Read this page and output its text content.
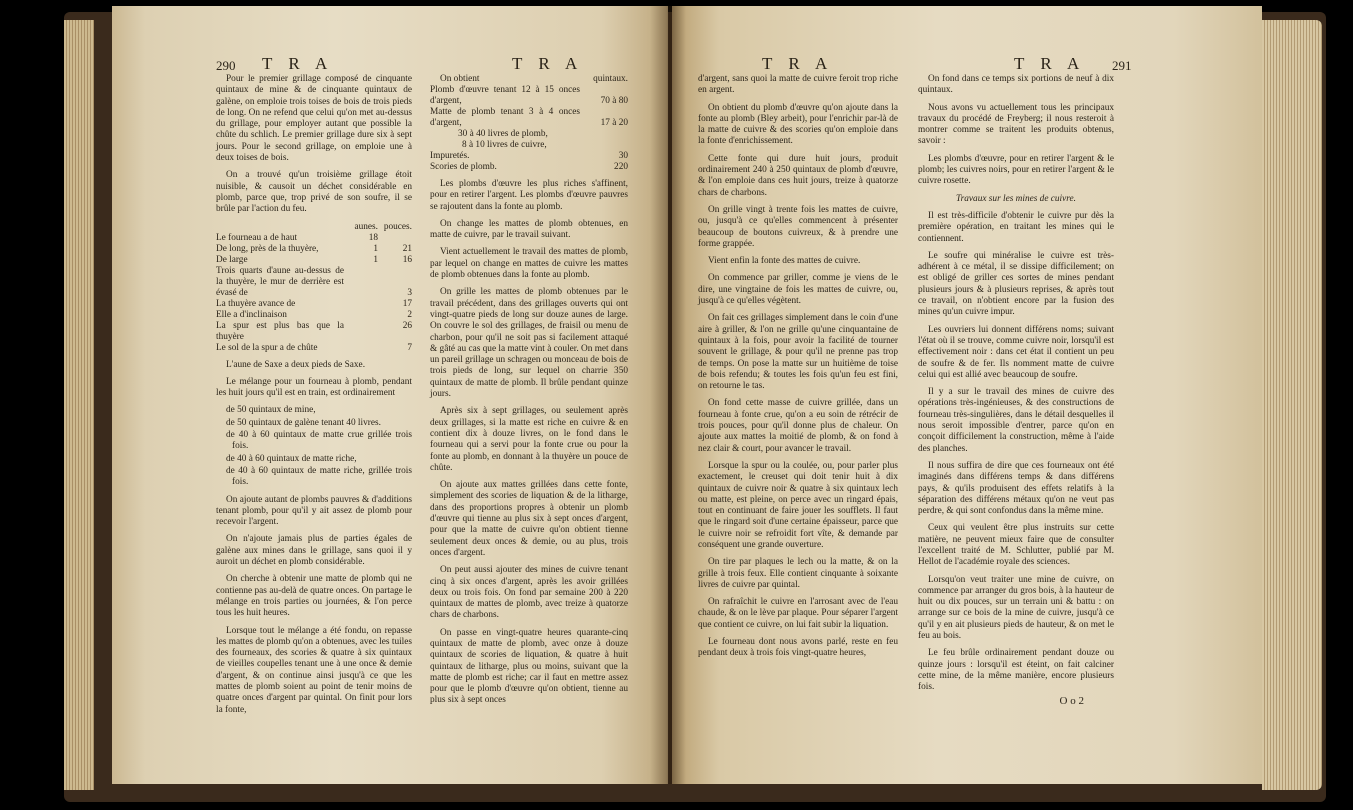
290 T R A	T R A

Pour le premier grillage composé de cinquante quintaux de mine & de cinquante quintaux de galène, on emploie trois toises de bois de trois pieds de long. On ne refend que celui qu'on met au-dessus du grillage, pour employer autant que possible la chûte du schlich. Le premier grillage dure six à sept jours. Pour le second grillage, on emploie une à deux toises de bois.

On a trouvé qu'un troisième grillage étoit nuisible, & causoit un déchet considérable en plomb, parce que, trop privé de son soufre, il se brûle par l'action du feu.

	aunes.	pouces.
Le fourneau a de haut	18	
De long, près de la thuyère,	1	21
De large	1	16
Trois quarts d'aune au-dessus de la thuyère, le mur de derrière est évasé de		3
La thuyère avance de		17
Elle a d'inclinaison		2
La spur est plus bas que la thuyère		26
Le sol de la spur a de chûte		7

L'aune de Saxe a deux pieds de Saxe.

Le mélange pour un fourneau à plomb, pendant les huit jours qu'il est en train, est ordinairement

de 50 quintaux de mine,

de 50 quintaux de galène tenant 40 livres.

de 40 à 60 quintaux de matte crue grillée trois fois.

de 40 à 60 quintaux de matte riche,

de 40 à 60 quintaux de matte riche, grillée trois fois.

On ajoute autant de plombs pauvres & d'additions tenant plomb, pour qu'il y ait assez de plomb pour recevoir l'argent.

On n'ajoute jamais plus de parties égales de galène aux mines dans le grillage, sans quoi il y auroit un déchet en plomb considérable.

On cherche à obtenir une matte de plomb qui ne contienne pas au-delà de quatre onces. On partage le mélange en trois parties ou journées, & l'on perce tous les huit heures.

Lorsque tout le mélange a été fondu, on repasse les mattes de plomb qu'on a obtenues, avec les tuiles des fourneaux, des scories & quatre à six quintaux de vieilles coupelles tenant une à une once & demie d'argent, & on continue ainsi jusqu'à ce que les mattes de plomb soient au point de tenir moins de quatre onces d'argent par quintal. On finit pour lors la fonte,

On obtient	quintaux.
Plomb d'œuvre tenant 12 à 15 onces d'argent,	70 à 80
Matte de plomb tenant 3 à 4 onces d'argent,	17 à 20
30 à 40 livres de plomb,	
8 à 10 livres de cuivre,	
Impuretés.	30
Scories de plomb.	220

Les plombs d'œuvre les plus riches s'affinent, pour en retirer l'argent. Les plombs d'œuvre pauvres se rajoutent dans la fonte au plomb.

On change les mattes de plomb obtenues, en matte de cuivre, par le travail suivant.

Vient actuellement le travail des mattes de plomb, par lequel on change en mattes de cuivre les mattes de plomb obtenues dans la fonte au plomb.

On grille les mattes de plomb obtenues par le travail précédent, dans des grillages ouverts qui ont vingt-quatre pieds de long sur douze aunes de large. On couvre le sol des grillages, de fraisil ou menu de charbon, pour qu'il ne soit pas si facilement attaqué & gâté au cas que la matte vint à couler. On met dans un pareil grillage un schragen ou monceau de bois de trois pieds de long, sur lequel on charrie 350 quintaux de matte de plomb. Il brûle pendant quinze jours.

Après six à sept grillages, ou seulement après deux grillages, si la matte est riche en cuivre & en contient dix à douze livres, on le fond dans le fourneau qui a servi pour la fonte crue ou pour la fonte au plomb, en donnant à la thuyère un pouce de chûte.

On ajoute aux mattes grillées dans cette fonte, simplement des scories de liquation & de la litharge, dans des proportions propres à obtenir un plomb d'œuvre qui tienne au plus six à sept onces d'argent, pour que la matte de cuivre qu'on obtient tienne seulement deux onces & demie, ou au plus, trois onces d'argent.

On peut aussi ajouter des mines de cuivre tenant cinq à six onces d'argent, après les avoir grillées deux ou trois fois. On fond par semaine 200 à 220 quintaux de mattes de plomb, avec treize à quatorze chars de charbons.

On passe en vingt-quatre heures quarante-cinq quintaux de matte de plomb, avec onze à douze quintaux de scories de liquation, & quatre à huit quintaux de litharge, plus ou moins, suivant que la matte de plomb est riche; car il faut en mettre assez pour que le plomb d'œuvre qu'on obtient, tienne au plus six à sept onces

T R A	T R A 291

d'argent, sans quoi la matte de cuivre feroit trop riche en argent.

On obtient du plomb d'œuvre qu'on ajoute dans la fonte au plomb (Bley arbeit), pour l'enrichir par-là de la matte de cuivre & des scories qu'on emploie dans la fonte d'enrichissement.

Cette fonte qui dure huit jours, produit ordinairement 240 à 250 quintaux de plomb d'œuvre, & l'on emploie dans ces huit jours, treize à quatorze chars de charbons.

On grille vingt à trente fois les mattes de cuivre, ou, jusqu'à ce qu'elles commencent à présenter beaucoup de boutons cuivreux, & à prendre une forme grappée.

Vient enfin la fonte des mattes de cuivre.

On commence par griller, comme je viens de le dire, une vingtaine de fois les mattes de cuivre, ou, jusqu'à ce qu'elles végètent.

On fait ces grillages simplement dans le coin d'une aire à griller, & l'on ne grille qu'une cinquantaine de quintaux à la fois, pour avoir la facilité de tourner souvent le grillage, & pour qu'il ne prenne pas trop de temps. On pose la matte sur un huitième de toise de bois refendu; & toutes les fois qu'un feu est fini, on retourne le tas.

On fond cette masse de cuivre grillée, dans un fourneau à fonte crue, qu'on a eu soin de rétrécir de trois pouces, pour qu'il donne plus de chaleur. On ajoute aux mattes la moitié de plomb, & on fond à nez clair & court, pour avancer le travail.

Lorsque la spur ou la coulée, ou, pour parler plus exactement, le creuset qui doit tenir huit à dix quintaux de cuivre noir & quatre à six quintaux lech ou matte, est pleine, on perce avec un ringard épais, tout en continuant de faire jouer les soufflets. Il faut que le ringard soit d'une certaine épaisseur, parce que le cuivre noir se refroidit fort vîte, & demande par conséquent une grande ouverture.

On tire par plaques le lech ou la matte, & on la grille à trois feux. Elle contient cinquante à soixante livres de cuivre par quintal.

On rafraîchit le cuivre en l'arrosant avec de l'eau chaude, & on le lève par plaque. Pour séparer l'argent que contient ce cuivre, on lui fait subir la liquation.

Le fourneau dont nous avons parlé, reste en feu pendant deux à trois fois vingt-quatre heures,

On fond dans ce temps six portions de neuf à dix quintaux.

Nous avons vu actuellement tous les principaux travaux du procédé de Freyberg; il nous resteroit à montrer comme se traitent les produits obtenus, savoir :

Les plombs d'œuvre, pour en retirer l'argent & le plomb; les cuivres noirs, pour en retirer l'argent & le cuivre rosette.

Travaux sur les mines de cuivre.

Il est très-difficile d'obtenir le cuivre pur dès la première opération, en traitant les mines qui le contiennent.

Le soufre qui minéralise le cuivre est très-adhérent à ce métal, il se dissipe difficilement; on est obligé de griller ces sortes de mines pendant plusieurs jours & à plusieurs reprises, & après tout ce travail, on n'obtient encore par la fusion des mines qu'un cuivre impur.

Les ouvriers lui donnent différens noms; suivant l'état où il se trouve, comme cuivre noir, lorsqu'il est effectivement noir : dans cet état il contient un peu de soufre & de fer. Ils nomment matte de cuivre celui qui est allié avec beaucoup de soufre.

Il y a sur le travail des mines de cuivre des opérations très-ingénieuses, & des constructions de fourneau très-singulières, dans le détail desquelles il nous seroit impossible d'entrer, parce qu'on en conçoit difficilement la construction, même à l'aide des planches.

Il nous suffira de dire que ces fourneaux ont été imaginés dans différens temps & dans différens pays, & qu'ils produisent des effets relatifs à la séparation des différens métaux qu'on ne veut pas perdre, & qui sont confondus dans la même mine.

Ceux qui veulent être plus instruits sur cette matière, ne peuvent mieux faire que de consulter l'excellent traité de M. Schlutter, publié par M. Hellot de l'académie royale des sciences.

Lorsqu'on veut traiter une mine de cuivre, on commence par arranger du gros bois, à la hauteur de huit ou dix pouces, sur un terrain uni & battu : on arrange sur ce bois de la mine de cuivre, jusqu'à ce qu'il y en ait plusieurs pieds de hauteur, & on met le feu au bois.

Le feu brûle ordinairement pendant douze ou quinze jours : lorsqu'il est éteint, on fait calciner cette mine, de la même manière, encore plusieurs fois.

O o 2
